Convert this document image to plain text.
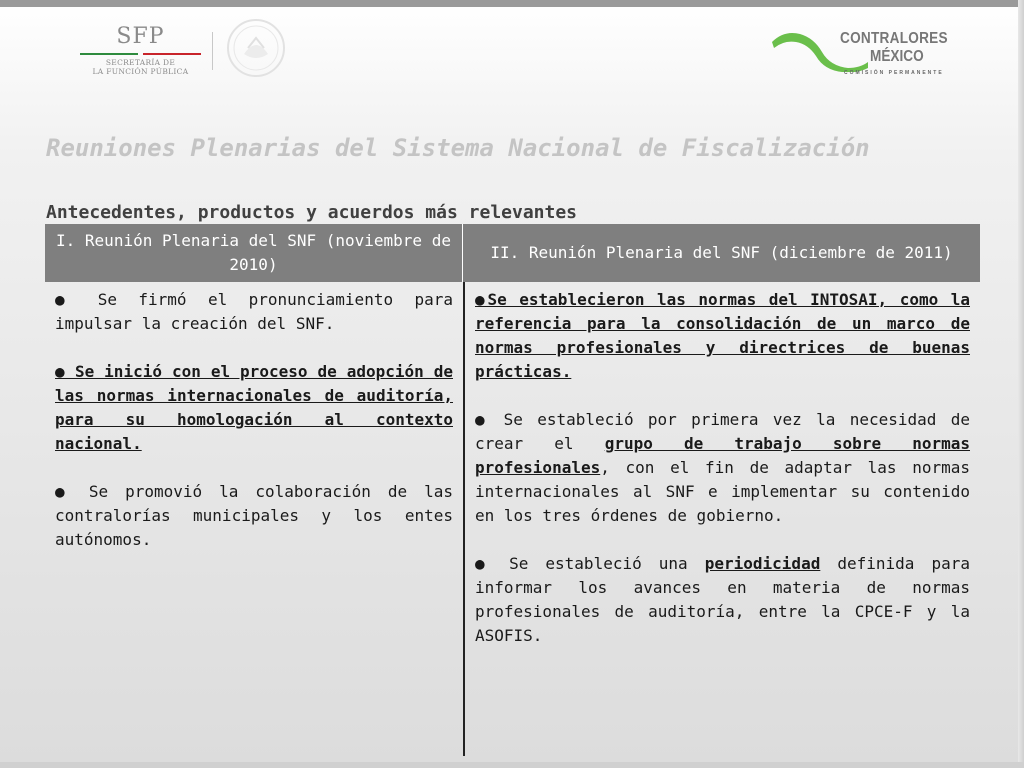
SFP
SECRETARÍA DE
LA FUNCIÓN PÚBLICA
CONTRALORES
MÉXICO
COMISIÓN PERMANENTE
Reuniones Plenarias del Sistema Nacional de Fiscalización
Antecedentes, productos y acuerdos más relevantes
I. Reunión Plenaria del SNF (noviembre de 2010)
II. Reunión Plenaria del SNF (diciembre de 2011)

● Se firmó el pronunciamiento para impulsar la creación del SNF.

● Se inició con el proceso de adopción de las normas internacionales de auditoría, para su homologación al contexto nacional.

● Se promovió la colaboración de las contralorías municipales y los entes autónomos.

●Se establecieron las normas del INTOSAI, como la referencia para la consolidación de un marco de normas profesionales y directrices de buenas prácticas.

● Se estableció por primera vez la necesidad de crear el grupo de trabajo sobre normas profesionales, con el fin de adaptar las normas internacionales al SNF e implementar su contenido en los tres órdenes de gobierno.

● Se estableció una periodicidad definida para informar los avances en materia de normas profesionales de auditoría, entre la CPCE-F y la ASOFIS.
